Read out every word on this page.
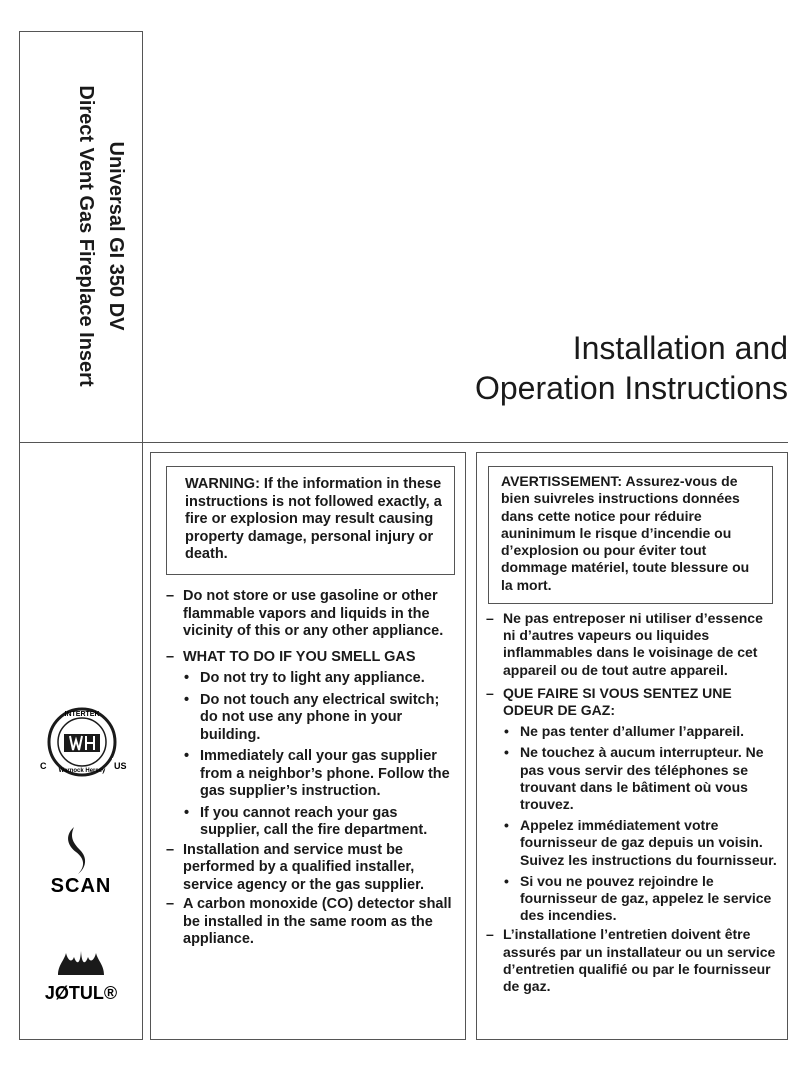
Universal GI 350 DV
Direct Vent Gas Fireplace Insert	Installation and
Operation Instructions
WARNING: If the information in these instructions is not followed exactly, a fire or explosion may result causing property damage, personal injury or death.
– Do not store or use gasoline or other flammable vapors and liquids in the vicinity of this or any other appliance.
– WHAT TO DO IF YOU SMELL GAS
• Do not try to light any appliance.
• Do not touch any electrical switch; do not use any phone in your building.
• Immediately call your gas supplier from a neighbor’s phone. Follow the gas supplier’s instruction.
• If you cannot reach your gas supplier, call the fire department.
– Installation and service must be performed by a qualified installer, service agency or the gas supplier.
– A carbon monoxide (CO) detector shall be installed in the same room as the appliance.
AVERTISSEMENT: Assurez-vous de bien suivreles instructions données dans cette notice pour réduire auninimum le risque d’incendie ou d’explosion ou pour éviter tout dommage matériel, toute blessure ou la mort.
– Ne pas entreposer ni utiliser d’essence ni d’autres vapeurs ou liquides inflammables dans le voisinage de cet appareil ou de tout autre appareil.
– QUE FAIRE SI VOUS SENTEZ UNE ODEUR DE GAZ:
• Ne pas tenter d’allumer l’appareil.
• Ne touchez à aucum interrupteur. Ne pas vous servir des téléphones se trouvant dans le bâtiment où vous trouvez.
• Appelez immédiatement votre fournisseur de gaz depuis un voisin. Suivez les instructions du fournisseur.
• Si vou ne pouvez rejoindre le fournisseur de gaz, appelez le service des incendies.
– L’installatione l’entretien doivent être assurés par un installateur ou un service d’entretien qualifié ou par le fournisseur de gaz.
INTERTEK
Warnock Hersey
C	US
SCAN
JØTUL®
